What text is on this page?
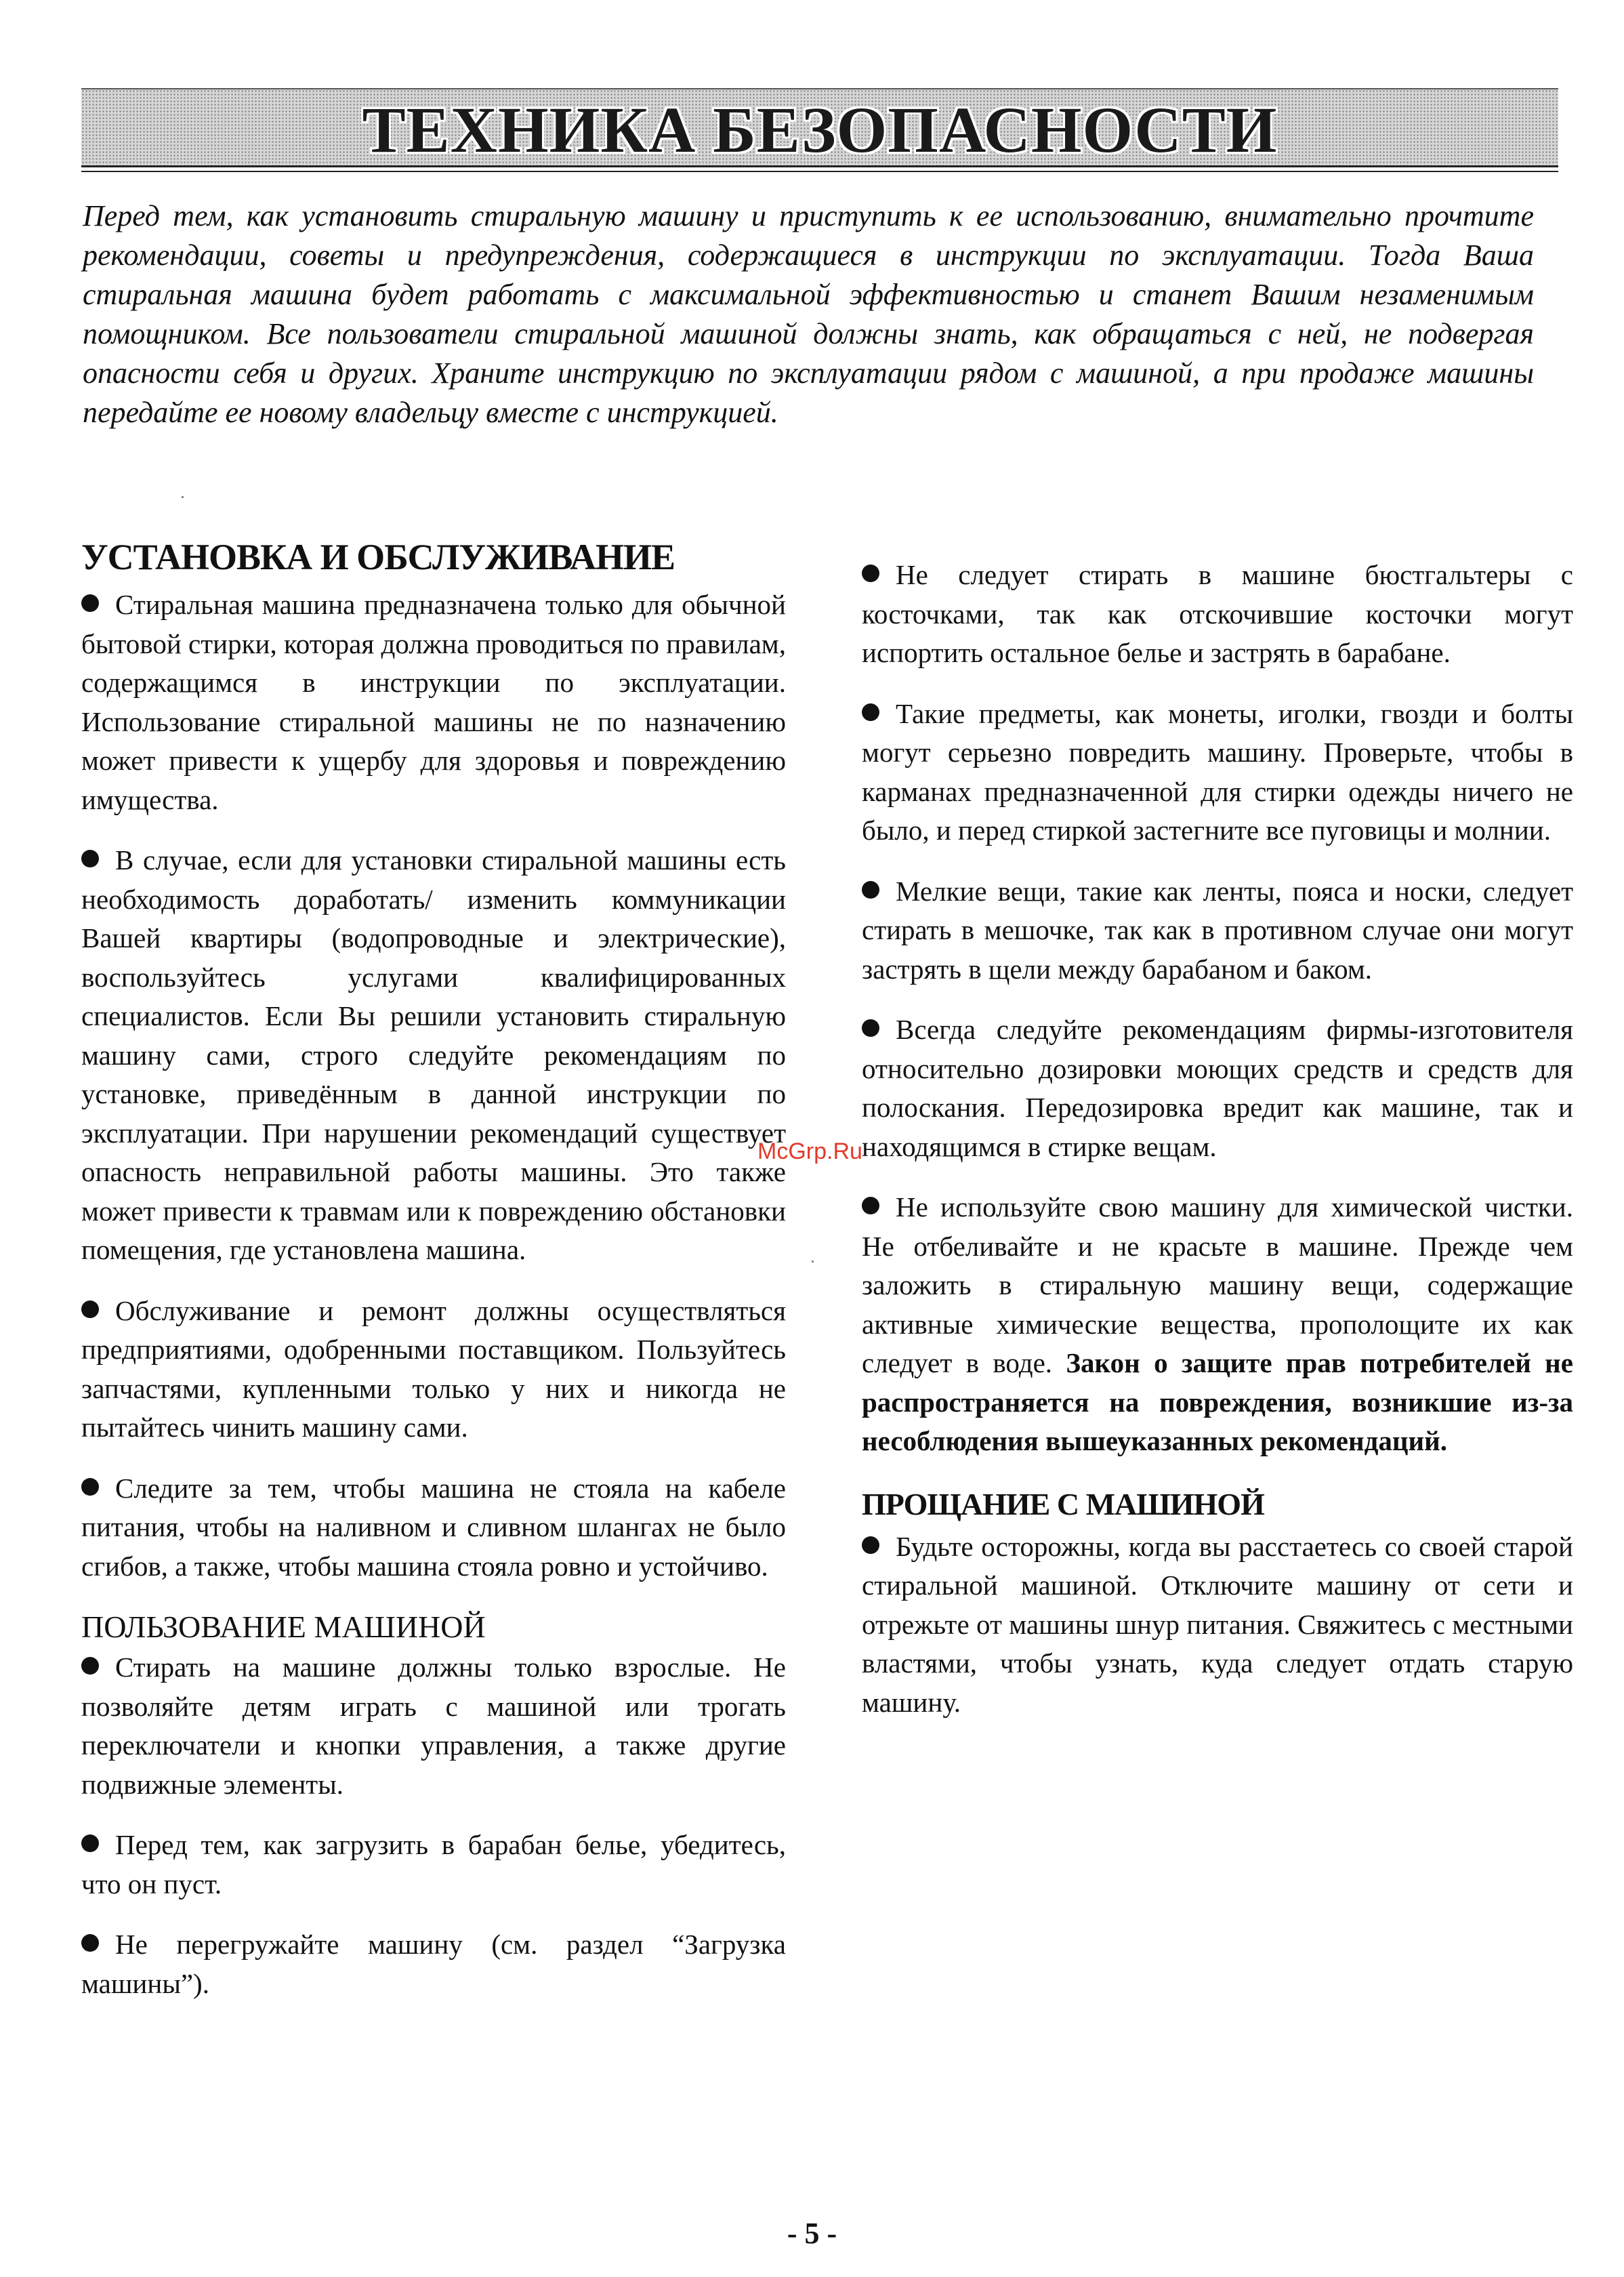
ТЕХНИКА БЕЗОПАСНОСТИ
Перед тем, как установить стиральную машину и приступить к ее использованию, внимательно прочтите рекомендации, советы и предупреждения, содержащиеся в инструкции по эксплуатации. Тогда Ваша стиральная машина будет работать с максимальной эффективностью и станет Вашим незаменимым помощником. Все пользователи стиральной машиной должны знать, как обращаться с ней, не подвергая опасности себя и других. Храните инструкцию по эксплуатации рядом с машиной, а при продаже машины передайте ее новому владельцу вместе с инструкцией.
УСТАНОВКА И ОБСЛУЖИВАНИЕ

Стиральная машина предназначена только для обычной бытовой стирки, которая должна проводиться по правилам, содержащимся в инструкции по эксплуатации. Использование стиральной машины не по назначению может привести к ущербу для здоровья и повреждению имущества.

В случае, если для установки стиральной машины есть необходимость доработать/ изменить коммуникации Вашей квартиры (водопроводные и электрические), воспользуйтесь услугами квалифицированных специалистов. Если Вы решили установить стиральную машину сами, строго следуйте рекомендациям по установке, приведённым в данной инструкции по эксплуатации. При нарушении рекомендаций существует опасность неправильной работы машины. Это также может привести к травмам или к повреждению обстановки помещения, где установлена машина.

Обслуживание и ремонт должны осуществляться предприятиями, одобренными поставщиком. Пользуйтесь запчастями, купленными только у них и никогда не пытайтесь чинить машину сами.

Следите за тем, чтобы машина не стояла на кабеле питания, чтобы на наливном и сливном шлангах не было сгибов, а также, чтобы машина стояла ровно и устойчиво.

ПОЛЬЗОВАНИЕ МАШИНОЙ

Стирать на машине должны только взрослые. Не позволяйте детям играть с машиной или трогать переключатели и кнопки управления, а также другие подвижные элементы.

Перед тем, как загрузить в барабан белье, убедитесь, что он пуст.

Не перегружайте машину (см. раздел “Загрузка машины”).

Не следует стирать в машине бюстгальтеры с косточками, так как отскочившие косточки могут испортить остальное белье и застрять в барабане.

Такие предметы, как монеты, иголки, гвозди и болты могут серьезно повредить машину. Проверьте, чтобы в карманах предназначенной для стирки одежды ничего не было, и перед стиркой застегните все пуговицы и молнии.

Мелкие вещи, такие как ленты, пояса и носки, следует стирать в мешочке, так как в противном случае они могут застрять в щели между барабаном и баком.

Всегда следуйте рекомендациям фирмы-изготовителя относительно дозировки моющих средств и средств для полоскания. Передозировка вредит как машине, так и находящимся в стирке вещам.

Не используйте свою машину для химической чистки. Не отбеливайте и не красьте в машине. Прежде чем заложить в стиральную машину вещи, содержащие активные химические вещества, прополощите их как следует в воде. Закон о защите прав потребителей не распространяется на повреждения, возникшие из-за несоблюдения вышеуказанных рекомендаций.

ПРОЩАНИЕ С МАШИНОЙ

Будьте осторожны, когда вы расстаетесь со своей старой стиральной машиной. Отключите машину от сети и отрежьте от машины шнур питания. Свяжитесь с местными властями, чтобы узнать, куда следует отдать старую машину.

McGrp.Ru
- 5 -
